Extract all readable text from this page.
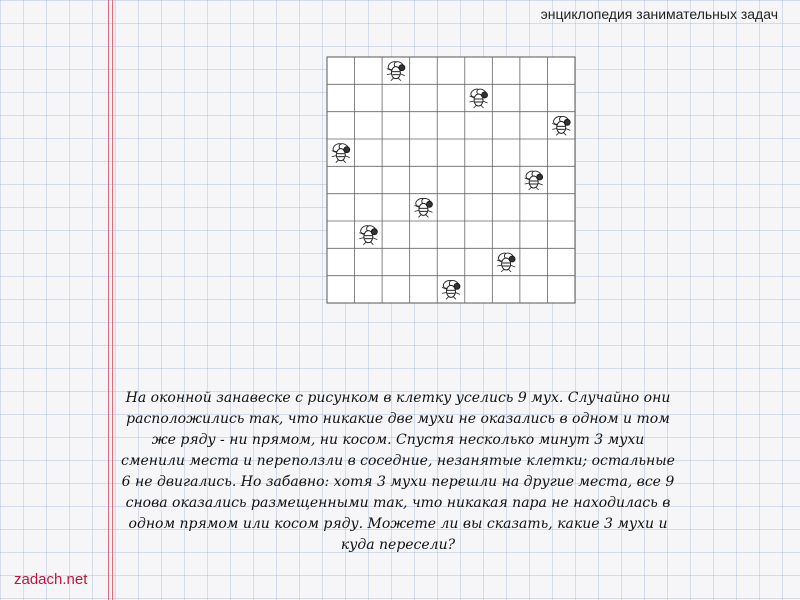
энциклопедия занимательных задач
На оконной занавеске с рисунком в клетку уселись 9 мух. Случайно они расположились так, что никакие две мухи не оказались в одном и том же ряду - ни прямом, ни косом. Спустя несколько минут 3 мухи сменили места и переползли в соседние, незанятые клетки; остальные 6 не двигались. Но забавно: хотя 3 мухи перешли на другие места, все 9 снова оказались размещенными так, что никакая пара не находилась в одном прямом или косом ряду. Можете ли вы сказать, какие 3 мухи и куда пересели?
zadach.net
